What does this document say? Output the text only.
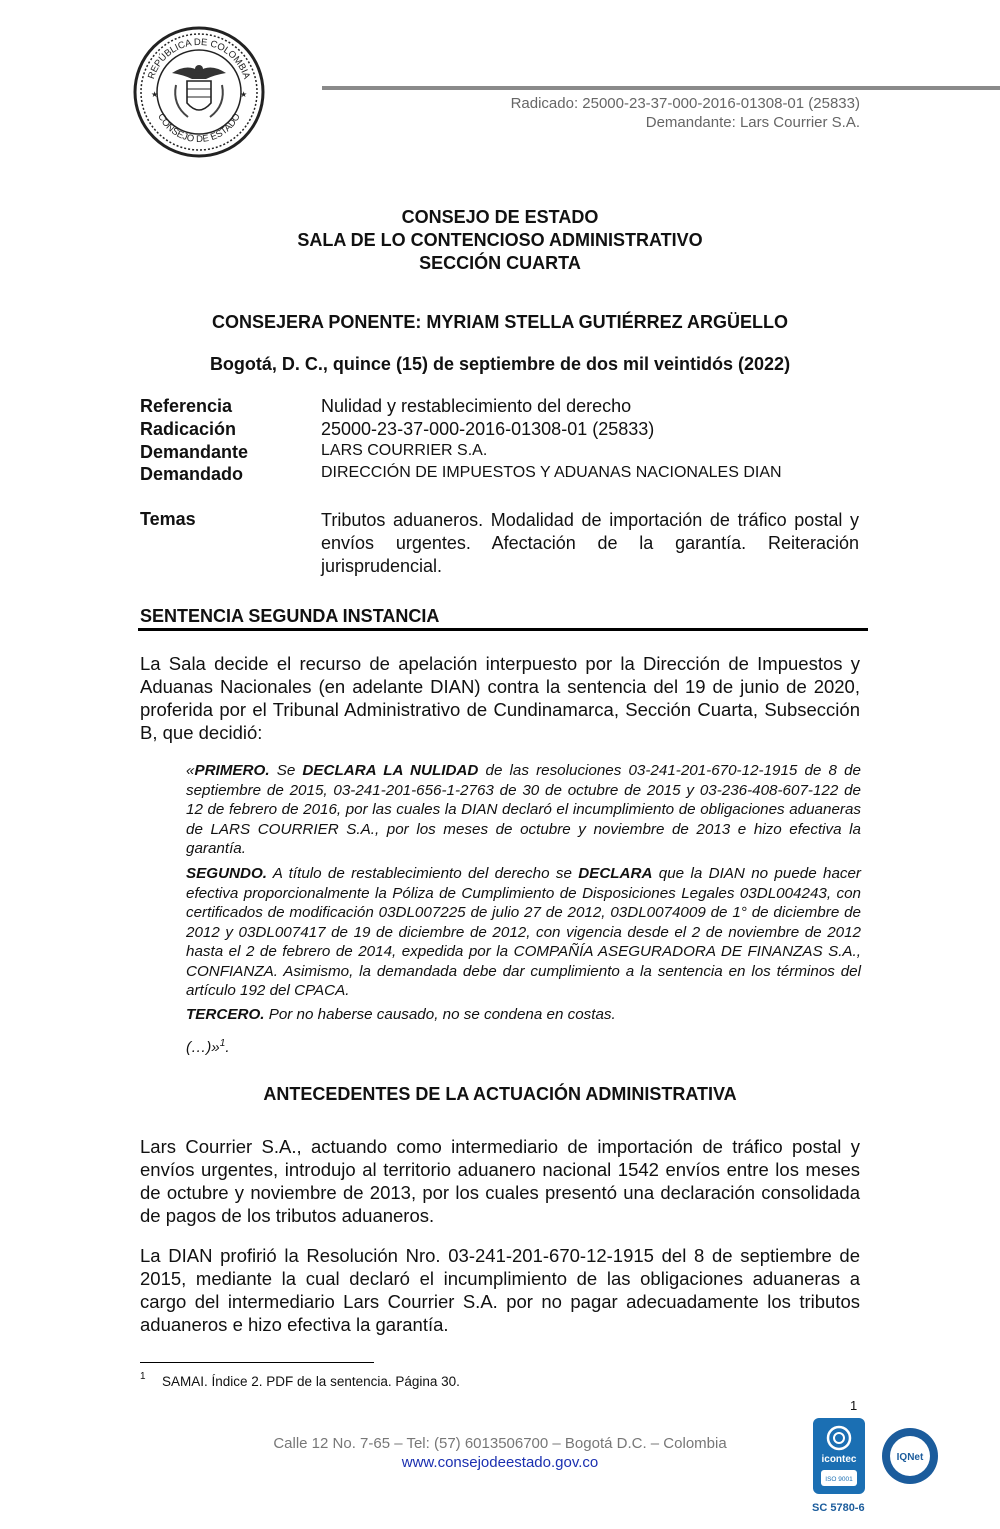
REPÚBLICA DE COLOMBIA
CONSEJO DE ESTADO
★	★
Radicado: 25000-23-37-000-2016-01308-01 (25833)
Demandante: Lars Courrier S.A.
CONSEJO DE ESTADO
SALA DE LO CONTENCIOSO ADMINISTRATIVO
SECCIÓN CUARTA
CONSEJERA PONENTE: MYRIAM STELLA GUTIÉRREZ ARGÜELLO
Bogotá, D. C., quince (15) de septiembre de dos mil veintidós (2022)
Referencia	Nulidad y restablecimiento del derecho
Radicación	25000-23-37-000-2016-01308-01 (25833)
Demandante	LARS COURRIER S.A.
Demandado	DIRECCIÓN DE IMPUESTOS Y ADUANAS NACIONALES DIAN
Temas	Tributos aduaneros. Modalidad de importación de tráfico postal y envíos urgentes. Afectación de la garantía. Reiteración jurisprudencial.
SENTENCIA SEGUNDA INSTANCIA
La Sala decide el recurso de apelación interpuesto por la Dirección de Impuestos y Aduanas Nacionales (en adelante DIAN) contra la sentencia del 19 de junio de 2020, proferida por el Tribunal Administrativo de Cundinamarca, Sección Cuarta, Subsección B, que decidió:
«PRIMERO. Se DECLARA LA NULIDAD de las resoluciones 03-241-201-670-12-1915 de 8 de septiembre de 2015, 03-241-201-656-1-2763 de 30 de octubre de 2015 y 03-236-408-607-122 de 12 de febrero de 2016, por las cuales la DIAN declaró el incumplimiento de obligaciones aduaneras de LARS COURRIER S.A., por los meses de octubre y noviembre de 2013 e hizo efectiva la garantía.
SEGUNDO. A título de restablecimiento del derecho se DECLARA que la DIAN no puede hacer efectiva proporcionalmente la Póliza de Cumplimiento de Disposiciones Legales 03DL004243, con certificados de modificación 03DL007225 de julio 27 de 2012, 03DL0074009 de 1° de diciembre de 2012 y 03DL007417 de 19 de diciembre de 2012, con vigencia desde el 2 de noviembre de 2012 hasta el 2 de febrero de 2014, expedida por la COMPAÑÍA ASEGURADORA DE FINANZAS S.A., CONFIANZA. Asimismo, la demandada debe dar cumplimiento a la sentencia en los términos del artículo 192 del CPACA.
TERCERO. Por no haberse causado, no se condena en costas.
(…)»$^1$.
ANTECEDENTES DE LA ACTUACIÓN ADMINISTRATIVA
Lars Courrier S.A., actuando como intermediario de importación de tráfico postal y envíos urgentes, introdujo al territorio aduanero nacional 1542 envíos entre los meses de octubre y noviembre de 2013, por los cuales presentó una declaración consolidada de pagos de los tributos aduaneros.
La DIAN profirió la Resolución Nro. 03-241-201-670-12-1915 del 8 de septiembre de 2015, mediante la cual declaró el incumplimiento de las obligaciones aduaneras a cargo del intermediario Lars Courrier S.A. por no pagar adecuadamente los tributos aduaneros e hizo efectiva la garantía.
1 SAMAI. Índice 2. PDF de la sentencia. Página 30.
1
Calle 12 No. 7-65 – Tel: (57) 6013506700 – Bogotá D.C. – Colombia
www.consejodeestado.gov.co	icontec
ISO 9001
IQNet
SC 5780-6
